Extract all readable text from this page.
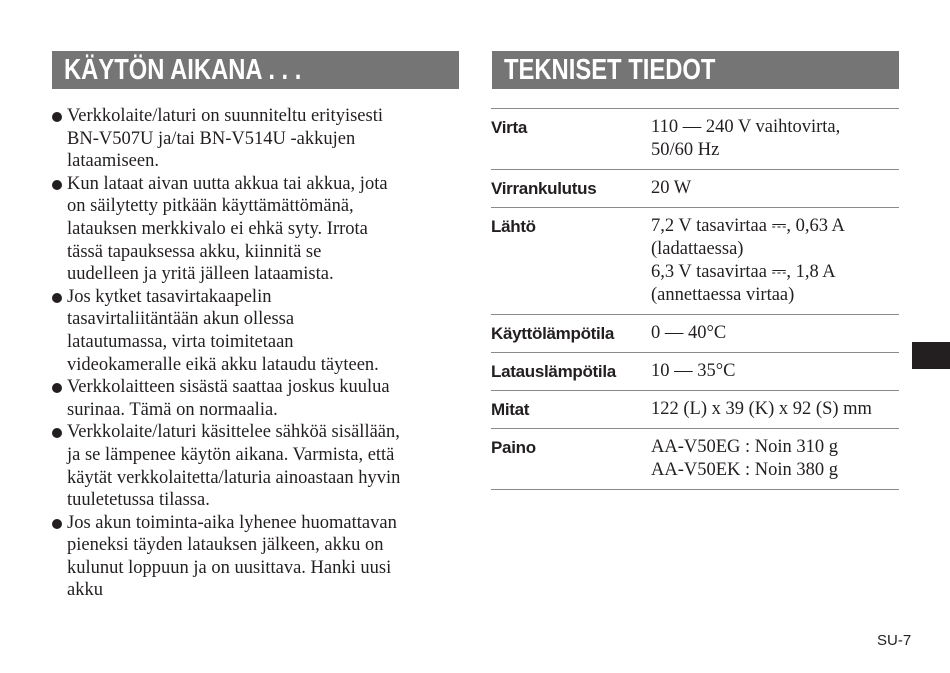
KÄYTÖN AIKANA . . .
Verkkolaite/laturi on suunniteltu erityisesti
BN-V507U ja/tai BN-V514U -akkujen
lataamiseen.
Kun lataat aivan uutta akkua tai akkua, jota
on säilytetty pitkään käyttämättömänä,
latauksen merkkivalo ei ehkä syty. Irrota
tässä tapauksessa akku, kiinnitä se
uudelleen ja yritä jälleen lataamista.
Jos kytket tasavirtakaapelin
tasavirtaliitäntään akun ollessa
latautumassa, virta toimitetaan
videokameralle eikä akku lataudu täyteen.
Verkkolaitteen sisästä saattaa joskus kuulua
surinaa. Tämä on normaalia.
Verkkolaite/laturi käsittelee sähköä sisällään,
ja se lämpenee käytön aikana. Varmista, että
käytät verkkolaitetta/laturia ainoastaan hyvin
tuuletetussa tilassa.
Jos akun toiminta-aika lyhenee huomattavan
pieneksi täyden latauksen jälkeen, akku on
kulunut loppuun ja on uusittava. Hanki uusi
akku
TEKNISET TIEDOT
Virta	110 — 240 V vaihtovirta,
50/60 Hz
Virrankulutus	20 W
Lähtö	7,2 V tasavirtaa ⎓, 0,63 A
(ladattaessa)
6,3 V tasavirtaa ⎓, 1,8 A
(annettaessa virtaa)
Käyttölämpötila	0 — 40°C
Latauslämpötila	10 — 35°C
Mitat	122 (L) x 39 (K) x 92 (S) mm
Paino	AA-V50EG : Noin 310 g
AA-V50EK : Noin 380 g
SU-7
